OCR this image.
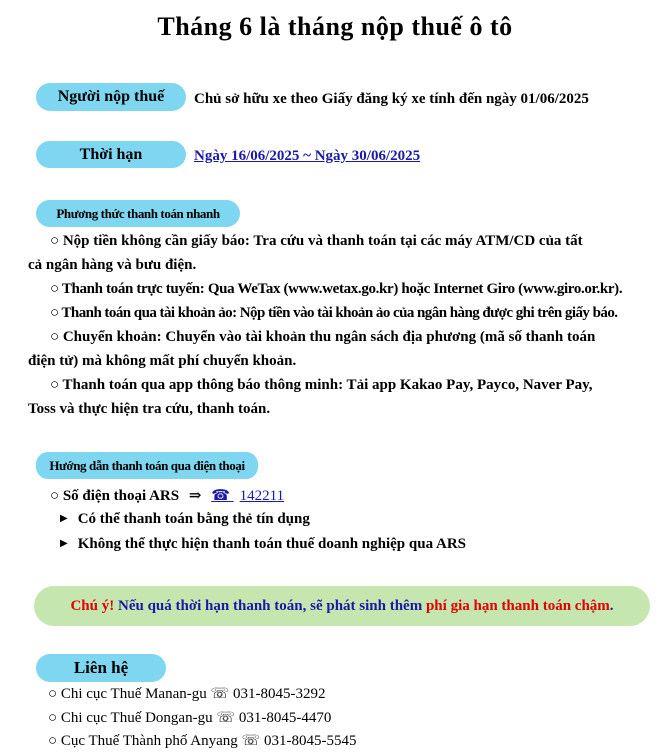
Tháng 6 là tháng nộp thuế ô tô
Người nộp thuế	Chủ sở hữu xe theo Giấy đăng ký xe tính đến ngày 01/06/2025
Thời hạn	Ngày 16/06/2025 ~ Ngày 30/06/2025
Phương thức thanh toán nhanh

○ Nộp tiền không cần giấy báo: Tra cứu và thanh toán tại các máy ATM/CD của tất

cả ngân hàng và bưu điện.

○ Thanh toán trực tuyến: Qua WeTax (www.wetax.go.kr) hoặc Internet Giro (www.giro.or.kr).

○ Thanh toán qua tài khoản ảo: Nộp tiền vào tài khoản ảo của ngân hàng được ghi trên giấy báo.

○ Chuyển khoản: Chuyển vào tài khoản thu ngân sách địa phương (mã số thanh toán

điện tử) mà không mất phí chuyển khoản.

○ Thanh toán qua app thông báo thông minh: Tải app Kakao Pay, Payco, Naver Pay,

Toss và thực hiện tra cứu, thanh toán.

Hướng dẫn thanh toán qua điện thoại
○ Số điện thoại ARS ⇒ ☎ 142211
▶ Có thể thanh toán bằng thẻ tín dụng
▶ Không thể thực hiện thanh toán thuế doanh nghiệp qua ARS
Chú ý! Nếu quá thời hạn thanh toán, sẽ phát sinh thêm phí gia hạn thanh toán chậm.
Liên hệ
○ Chi cục Thuế Manan-gu ☏ 031-8045-3292
○ Chi cục Thuế Dongan-gu ☏ 031-8045-4470
○ Cục Thuế Thành phố Anyang ☏ 031-8045-5545
